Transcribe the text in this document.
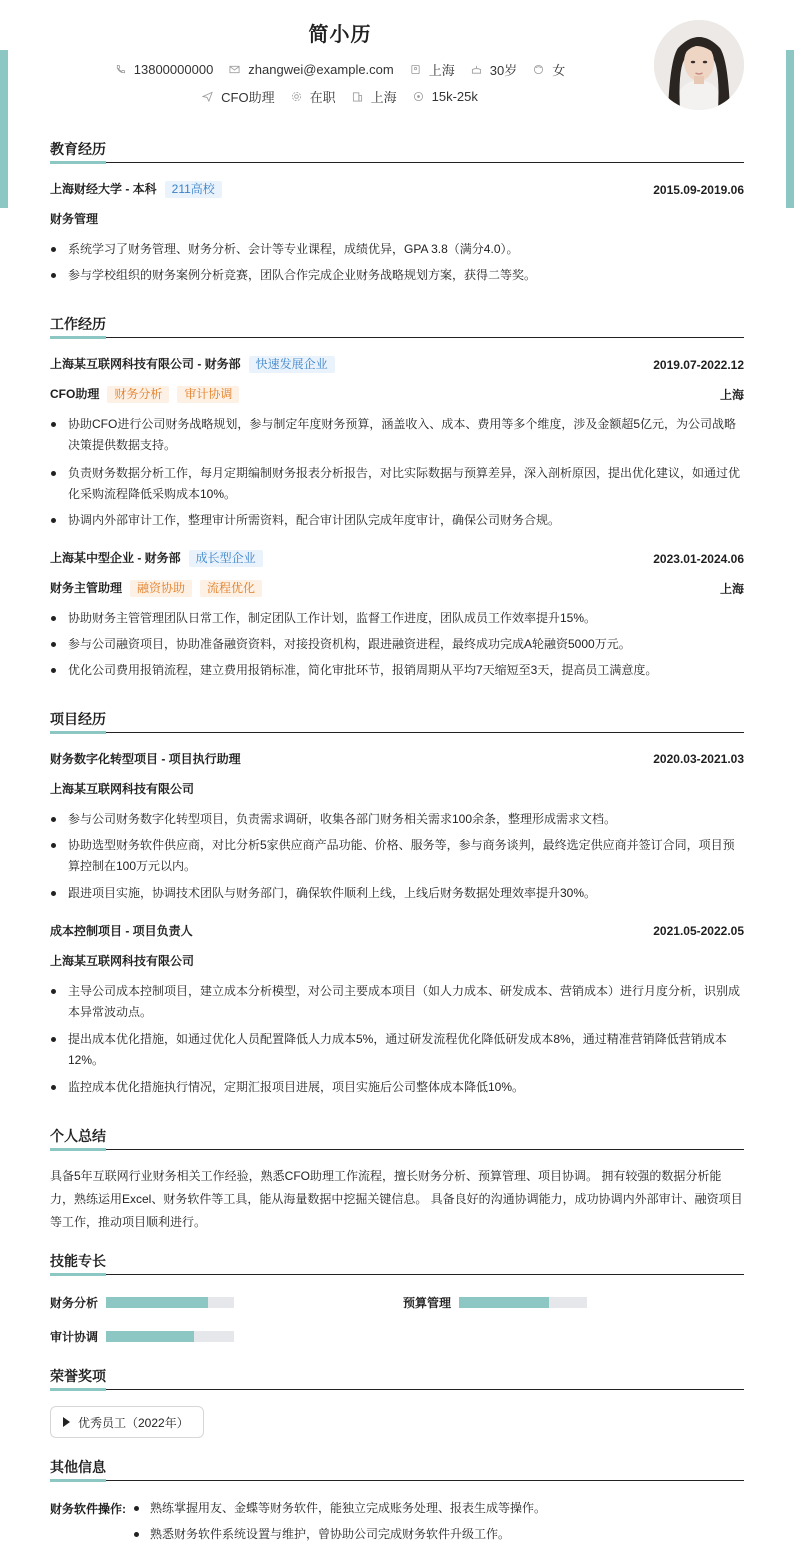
简小历
13800000000	zhangwei@example.com	上海	30岁	女
CFO助理	在职	上海	15k-25k
教育经历
上海财经大学 - 本科 211高校	2015.09-2019.06
财务管理
系统学习了财务管理、财务分析、会计等专业课程，成绩优异，GPA 3.8（满分4.0）。
参与学校组织的财务案例分析竞赛，团队合作完成企业财务战略规划方案，获得二等奖。
工作经历
上海某互联网科技有限公司 - 财务部 快速发展企业	2019.07-2022.12
CFO助理 财务分析 审计协调	上海
协助CFO进行公司财务战略规划，参与制定年度财务预算，涵盖收入、成本、费用等多个维度，涉及金额超5亿元，为公司战略决策提供数据支持。
负责财务数据分析工作，每月定期编制财务报表分析报告，对比实际数据与预算差异，深入剖析原因，提出优化建议，如通过优化采购流程降低采购成本10%。
协调内外部审计工作，整理审计所需资料，配合审计团队完成年度审计，确保公司财务合规。
上海某中型企业 - 财务部 成长型企业	2023.01-2024.06
财务主管助理 融资协助 流程优化	上海
协助财务主管管理团队日常工作，制定团队工作计划，监督工作进度，团队成员工作效率提升15%。
参与公司融资项目，协助准备融资资料，对接投资机构，跟进融资进程，最终成功完成A轮融资5000万元。
优化公司费用报销流程，建立费用报销标准，简化审批环节，报销周期从平均7天缩短至3天，提高员工满意度。
项目经历
财务数字化转型项目 - 项目执行助理	2020.03-2021.03
上海某互联网科技有限公司
参与公司财务数字化转型项目，负责需求调研，收集各部门财务相关需求100余条，整理形成需求文档。
协助选型财务软件供应商，对比分析5家供应商产品功能、价格、服务等，参与商务谈判，最终选定供应商并签订合同，项目预算控制在100万元以内。
跟进项目实施，协调技术团队与财务部门，确保软件顺利上线，上线后财务数据处理效率提升30%。
成本控制项目 - 项目负责人	2021.05-2022.05
上海某互联网科技有限公司
主导公司成本控制项目，建立成本分析模型，对公司主要成本项目（如人力成本、研发成本、营销成本）进行月度分析，识别成本异常波动点。
提出成本优化措施，如通过优化人员配置降低人力成本5%，通过研发流程优化降低研发成本8%，通过精准营销降低营销成本12%。
监控成本优化措施执行情况，定期汇报项目进展，项目实施后公司整体成本降低10%。
个人总结
具备5年互联网行业财务相关工作经验，熟悉CFO助理工作流程，擅长财务分析、预算管理、项目协调。 拥有较强的数据分析能力，熟练运用Excel、财务软件等工具，能从海量数据中挖掘关键信息。 具备良好的沟通协调能力，成功协调内外部审计、融资项目等工作，推动项目顺利进行。
技能专长
财务分析	预算管理
审计协调
荣誉奖项
优秀员工（2022年）
其他信息
财务软件操作:	熟练掌握用友、金蝶等财务软件，能独立完成账务处理、报表生成等操作。
熟悉财务软件系统设置与维护，曾协助公司完成财务软件升级工作。
